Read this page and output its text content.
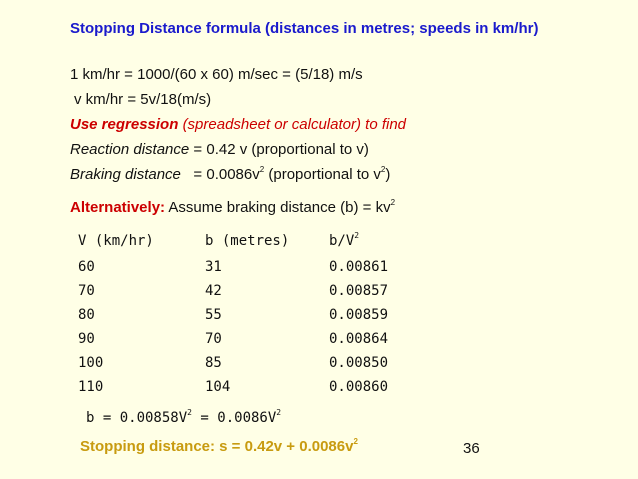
Stopping Distance formula (distances in metres; speeds in km/hr)
1 km/hr = 1000/(60 x 60) m/sec = (5/18) m/s
v km/hr = 5v/18(m/s)
Use regression (spreadsheet or calculator) to find
Reaction distance = 0.42 v (proportional to v)
Braking distance = $0.0086v^2$ (proportional to $v^2$)
Alternatively: Assume braking distance $(b) = kv^2$
V (km/hr)	b (metres)	$b/V^2$
60	31	0.00861
70	42	0.00857
80	55	0.00859
90	70	0.00864
100	85	0.00850
110	104	0.00860
$b = 0.00858V^2 = 0.0086V^2$
Stopping distance: $s = 0.42v + 0.0086v^2$	36
